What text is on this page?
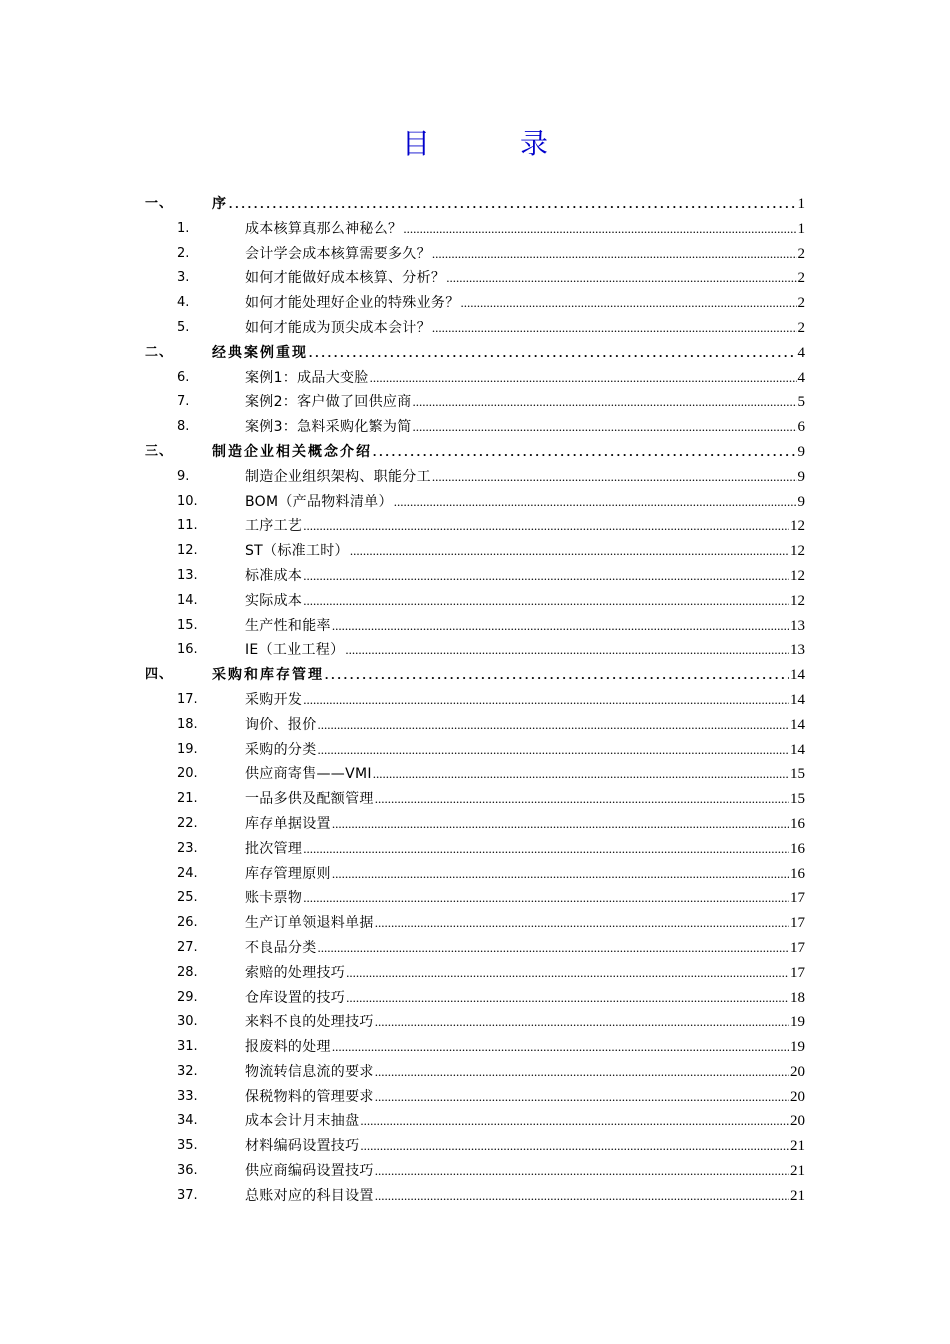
目	录
一、	序 .....	1
1.	成本核算真那么神秘么？ .....	1
2.	会计学会成本核算需要多久？ .....	2
3.	如何才能做好成本核算、分析？ .....	2
4.	如何才能处理好企业的特殊业务？ .....	2
5.	如何才能成为顶尖成本会计？ .....	2
二、	经典案例重现 .....	4
6.	案例1：成品大变脸 .....	4
7.	案例2：客户做了回供应商 .....	5
8.	案例3：急料采购化繁为简 .....	6
三、	制造企业相关概念介绍 .....	9
9.	制造企业组织架构、职能分工 .....	9
10.	BOM（产品物料清单） .....	9
11.	工序工艺 .....	12
12.	ST（标准工时） .....	12
13.	标准成本 .....	12
14.	实际成本 .....	12
15.	生产性和能率 .....	13
16.	IE（工业工程） .....	13
四、	采购和库存管理 .....	14
17.	采购开发 .....	14
18.	询价、报价 .....	14
19.	采购的分类 .....	14
20.	供应商寄售——VMI .....	15
21.	一品多供及配额管理 .....	15
22.	库存单据设置 .....	16
23.	批次管理 .....	16
24.	库存管理原则 .....	16
25.	账卡票物 .....	17
26.	生产订单领退料单据 .....	17
27.	不良品分类 .....	17
28.	索赔的处理技巧 .....	17
29.	仓库设置的技巧 .....	18
30.	来料不良的处理技巧 .....	19
31.	报废料的处理 .....	19
32.	物流转信息流的要求 .....	20
33.	保税物料的管理要求 .....	20
34.	成本会计月末抽盘 .....	20
35.	材料编码设置技巧 .....	21
36.	供应商编码设置技巧 .....	21
37.	总账对应的科目设置 .....	21
